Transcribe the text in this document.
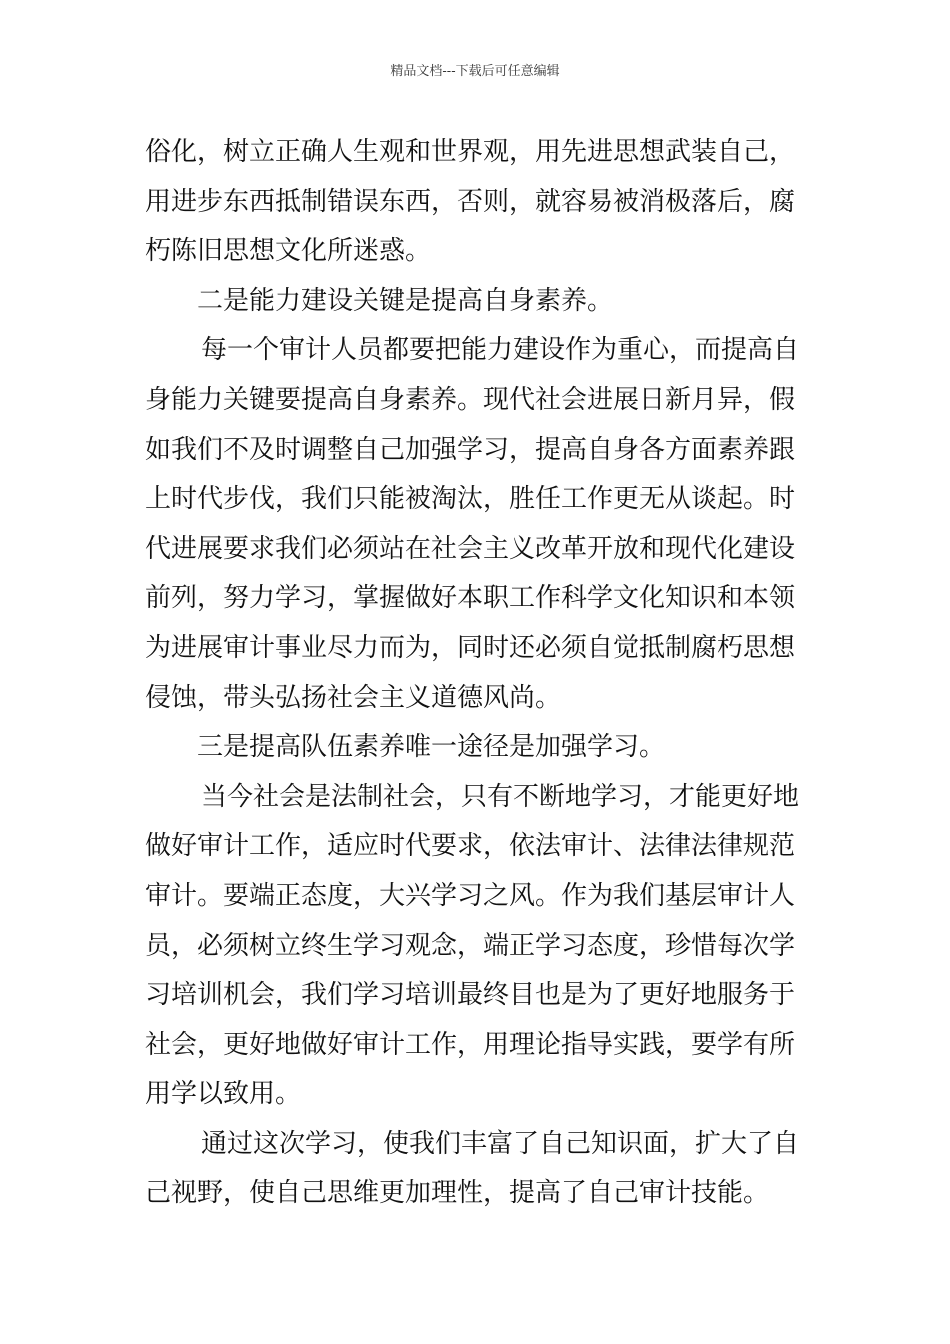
精品文档---下载后可任意编辑
俗化，树立正确人生观和世界观，用先进思想武装自己，
用进步东西抵制错误东西，否则，就容易被消极落后，腐
朽陈旧思想文化所迷惑。
二是能力建设关键是提高自身素养。
每一个审计人员都要把能力建设作为重心，而提高自
身能力关键要提高自身素养。现代社会进展日新月异，假
如我们不及时调整自己加强学习，提高自身各方面素养跟
上时代步伐，我们只能被淘汰，胜任工作更无从谈起。时
代进展要求我们必须站在社会主义改革开放和现代化建设
前列，努力学习，掌握做好本职工作科学文化知识和本领
为进展审计事业尽力而为，同时还必须自觉抵制腐朽思想
侵蚀，带头弘扬社会主义道德风尚。
三是提高队伍素养唯一途径是加强学习。
当今社会是法制社会，只有不断地学习，才能更好地
做好审计工作，适应时代要求，依法审计、法律法律规范
审计。要端正态度，大兴学习之风。作为我们基层审计人
员，必须树立终生学习观念，端正学习态度，珍惜每次学
习培训机会，我们学习培训最终目也是为了更好地服务于
社会，更好地做好审计工作，用理论指导实践，要学有所
用学以致用。
通过这次学习，使我们丰富了自己知识面，扩大了自
己视野，使自己思维更加理性，提高了自己审计技能。
